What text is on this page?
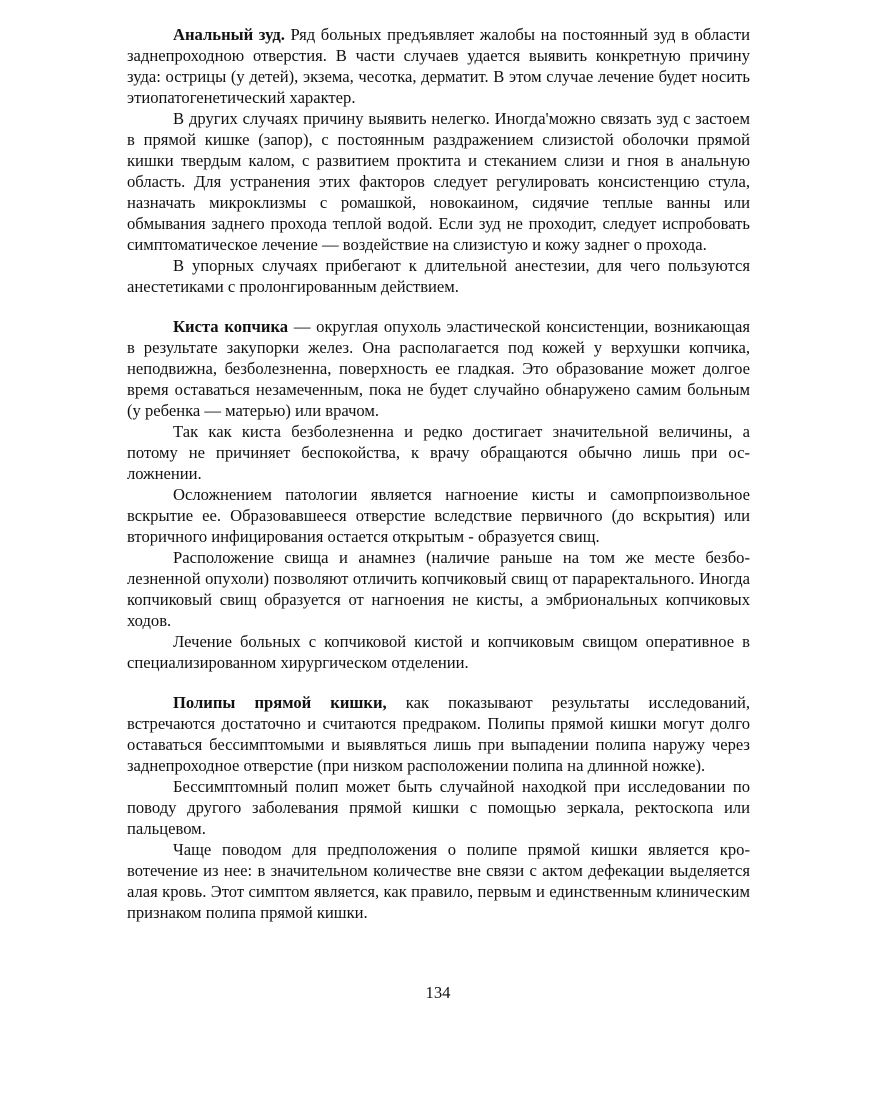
Анальный зуд. Ряд больных предъявляет жалобы на постоянный зуд в области заднепроходною отверстия. В части случаев удается выявить конкретную причину зуда: острицы (у детей), экзема, чесотка, дерматит. В этом случае лечение будет носить этиопатогенетический характер.

В других случаях причину выявить нелегко. Иногда'можно связать зуд с застоем в прямой кишке (запор), с постоянным раздражением слизистой оболочки прямой кишки твердым калом, с развитием проктита и стеканием слизи и гноя в анальную область. Для устранения этих факторов следует регулировать консистенцию стула, назначать микроклизмы с ромашкой, новокаином, сидячие теплые ванны или обмывания заднего прохода теплой водой. Если зуд не проходит, следует испробовать симптоматическое лечение — воздействие на слизистую и кожу заднег о прохода.

В упорных случаях прибегают к длительной анестезии, для чего пользуются анестетиками с пролонгированным действием.

Киста копчика — округлая опухоль эластической консистенции, возникающая в результате закупорки желез. Она располагается под кожей у верхушки копчика, неподвижна, безболезненна, поверхность ее гладкая. Это образование может долгое время оставаться незамеченным, пока не будет случайно обнаружено самим больным (у ребенка — матерью) или врачом.

Так как киста безболезненна и редко достигает значительной величины, а потому не причиняет беспокойства, к врачу обращаются обычно лишь при осложнении.

Осложнением патологии является нагноение кисты и самопрпоизвольное вскрытие ее. Образовавшееся отверстие вследствие первичного (до вскрытия) или вторичного инфицирования остается открытым - образуется свищ.

Расположение свища и анамнез (наличие раньше на том же месте безболезненной опухоли) позволяют отличить копчиковый свищ от параректального. Иногда копчиковый свищ образуется от нагноения не кисты, а эмбриональных копчиковых ходов.

Лечение больных с копчиковой кистой и копчиковым свищом оперативное в специализированном хирургическом отделении.

Полипы прямой кишки, как показывают результаты исследований, встречаются достаточно и считаются предраком. Полипы прямой кишки могут долго оставаться бессимптомыми и выявляться лишь при выпадении полипа наружу через заднепроходное отверстие (при низком расположении полипа на длинной ножке).

Бессимптомный полип может быть случайной находкой при исследовании по поводу другого заболевания прямой кишки с помощью зеркала, ректоскопа или пальцевом.

Чаще поводом для предположения о полипе прямой кишки является кровотечение из нее: в значительном количестве вне связи с актом дефекации выделяется алая кровь. Этот симптом является, как правило, первым и единственным клиническим признаком полипа прямой кишки.

134
